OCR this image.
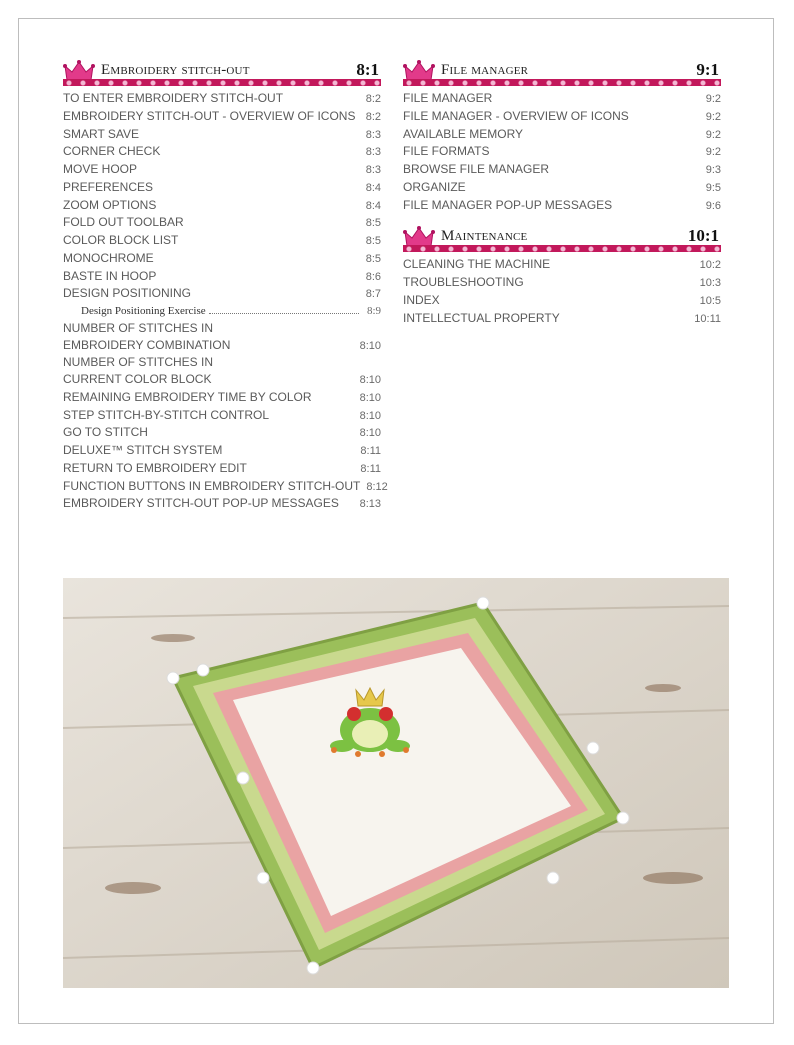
Embroidery stitch-out	8:1
TO ENTER EMBROIDERY STITCH-OUT	8:2
EMBROIDERY STITCH-OUT - OVERVIEW OF ICONS 8:2
SMART SAVE	8:3
CORNER CHECK	8:3
MOVE HOOP	8:3
PREFERENCES	8:4
ZOOM OPTIONS	8:4
FOLD OUT TOOLBAR	8:5
COLOR BLOCK LIST	8:5
MONOCHROME	8:5
BASTE IN HOOP	8:6
DESIGN POSITIONING	8:7
Design Positioning Exercise	8:9
NUMBER OF STITCHES IN
EMBROIDERY COMBINATION	8:10
NUMBER OF STITCHES IN
CURRENT COLOR BLOCK	8:10
REMAINING EMBROIDERY TIME BY COLOR	8:10
STEP STITCH-BY-STITCH CONTROL	8:10
GO TO STITCH	8:10
DELUXE™ STITCH SYSTEM	8:11
RETURN TO EMBROIDERY EDIT	8:11
FUNCTION BUTTONS IN EMBROIDERY STITCH-OUT 8:12
EMBROIDERY STITCH-OUT POP-UP MESSAGES	8:13
File manager	9:1
FILE MANAGER	9:2
FILE MANAGER - OVERVIEW OF ICONS	9:2
AVAILABLE MEMORY	9:2
FILE FORMATS	9:2
BROWSE FILE MANAGER	9:3
ORGANIZE	9:5
FILE MANAGER POP-UP MESSAGES	9:6
Maintenance	10:1
CLEANING THE MACHINE	10:2
TROUBLESHOOTING	10:3
INDEX	10:5
INTELLECTUAL PROPERTY	10:11
